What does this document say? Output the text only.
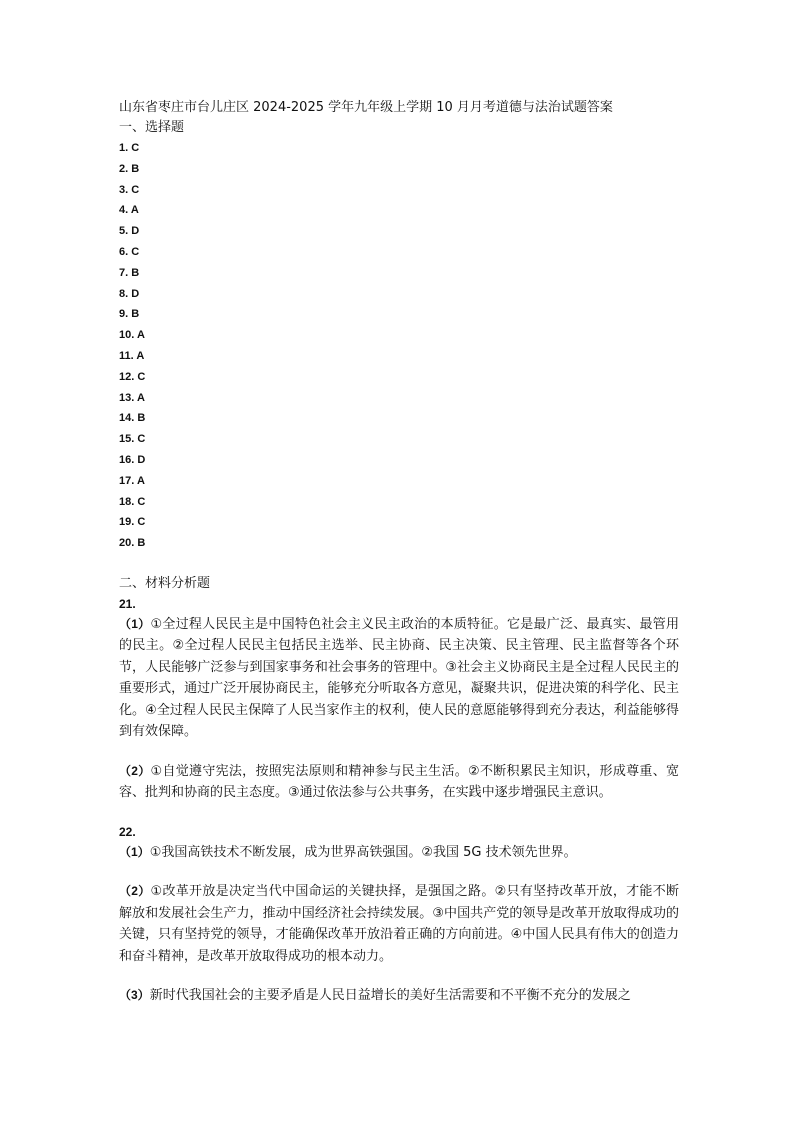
山东省枣庄市台儿庄区 2024-2025 学年九年级上学期 10 月月考道德与法治试题答案
一、选择题
1. C
2. B
3. C
4. A
5. D
6. C
7. B
8. D
9. B
10. A
11. A
12. C
13. A
14. B
15. C
16. D
17. A
18. C
19. C
20. B
二、材料分析题
21.

（1）①全过程人民民主是中国特色社会主义民主政治的本质特征。它是最广泛、最真实、最管用的民主。②全过程人民民主包括民主选举、民主协商、民主决策、民主管理、民主监督等各个环节，人民能够广泛参与到国家事务和社会事务的管理中。③社会主义协商民主是全过程人民民主的重要形式，通过广泛开展协商民主，能够充分听取各方意见，凝聚共识，促进决策的科学化、民主化。④全过程人民民主保障了人民当家作主的权利，使人民的意愿能够得到充分表达，利益能够得到有效保障。

（2）①自觉遵守宪法，按照宪法原则和精神参与民主生活。②不断积累民主知识，形成尊重、宽容、批判和协商的民主态度。③通过依法参与公共事务，在实践中逐步增强民主意识。

22.

（1）①我国高铁技术不断发展，成为世界高铁强国。②我国 5G 技术领先世界。

（2）①改革开放是决定当代中国命运的关键抉择，是强国之路。②只有坚持改革开放，才能不断解放和发展社会生产力，推动中国经济社会持续发展。③中国共产党的领导是改革开放取得成功的关键，只有坚持党的领导，才能确保改革开放沿着正确的方向前进。④中国人民具有伟大的创造力和奋斗精神，是改革开放取得成功的根本动力。

（3）新时代我国社会的主要矛盾是人民日益增长的美好生活需要和不平衡不充分的发展之
